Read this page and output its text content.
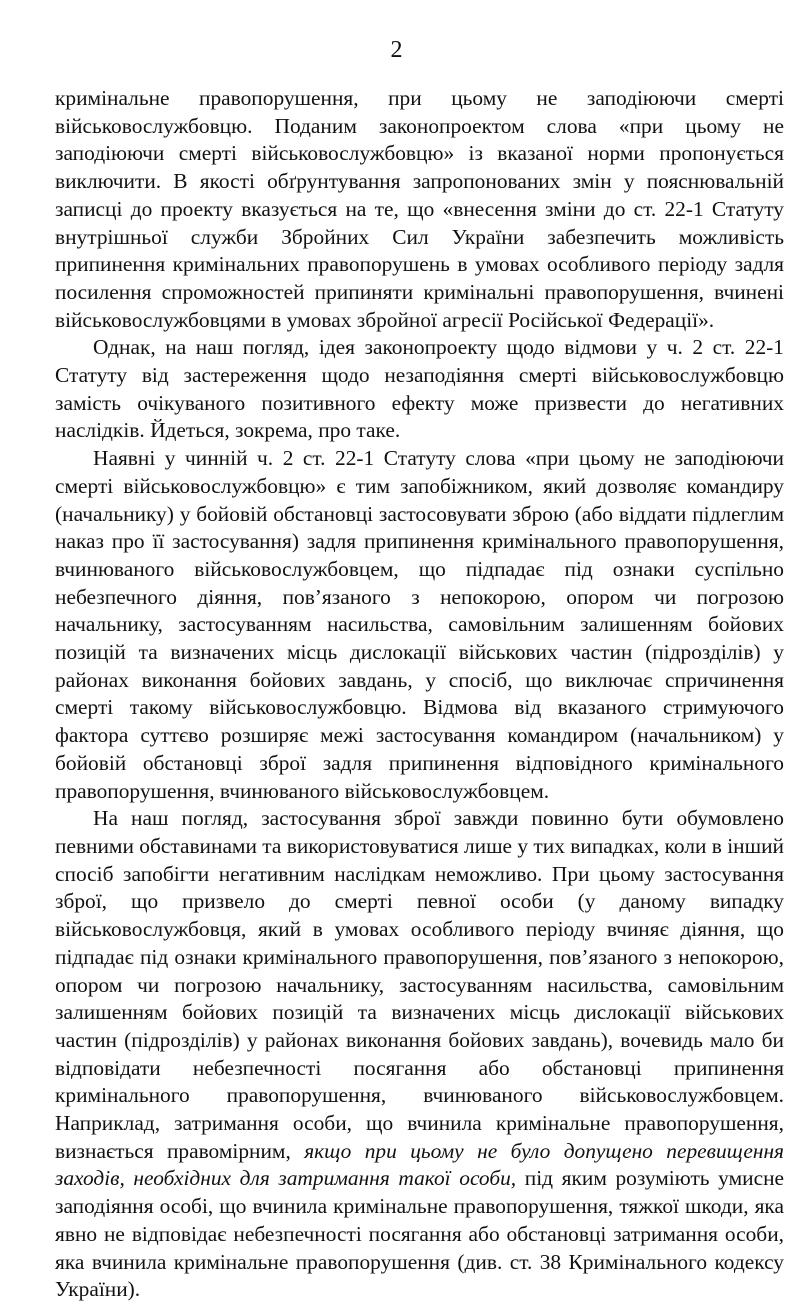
2

кримінальне правопорушення, при цьому не заподіюючи смерті військовослужбовцю. Поданим законопроектом слова «при цьому не заподіюючи смерті військовослужбовцю» із вказаної норми пропонується виключити. В якості обґрунтування запропонованих змін у пояснювальній записці до проекту вказується на те, що «внесення зміни до ст. 22-1 Статуту внутрішньої служби Збройних Сил України забезпечить можливість припинення кримінальних правопорушень в умовах особливого періоду задля посилення спроможностей припиняти кримінальні правопорушення, вчинені військовослужбовцями в умовах збройної агресії Російської Федерації».

Однак, на наш погляд, ідея законопроекту щодо відмови у ч. 2 ст. 22-1 Статуту від застереження щодо незаподіяння смерті військовослужбовцю замість очікуваного позитивного ефекту може призвести до негативних наслідків. Йдеться, зокрема, про таке.

Наявні у чинній ч. 2 ст. 22-1 Статуту слова «при цьому не заподіюючи смерті військовослужбовцю» є тим запобіжником, який дозволяє командиру (начальнику) у бойовій обстановці застосовувати зброю (або віддати підлеглим наказ про її застосування) задля припинення кримінального правопорушення, вчинюваного військовослужбовцем, що підпадає під ознаки суспільно небезпечного діяння, пов’язаного з непокорою, опором чи погрозою начальнику, застосуванням насильства, самовільним залишенням бойових позицій та визначених місць дислокації військових частин (підрозділів) у районах виконання бойових завдань, у спосіб, що виключає спричинення смерті такому військовослужбовцю. Відмова від вказаного стримуючого фактора суттєво розширяє межі застосування командиром (начальником) у бойовій обстановці зброї задля припинення відповідного кримінального правопорушення, вчинюваного військовослужбовцем.

На наш погляд, застосування зброї завжди повинно бути обумовлено певними обставинами та використовуватися лише у тих випадках, коли в інший спосіб запобігти негативним наслідкам неможливо. При цьому застосування зброї, що призвело до смерті певної особи (у даному випадку військовослужбовця, який в умовах особливого періоду вчиняє діяння, що підпадає під ознаки кримінального правопорушення, пов’язаного з непокорою, опором чи погрозою начальнику, застосуванням насильства, самовільним залишенням бойових позицій та визначених місць дислокації військових частин (підрозділів) у районах виконання бойових завдань), вочевидь мало би відповідати небезпечності посягання або обстановці припинення кримінального правопорушення, вчинюваного військовослужбовцем. Наприклад, затримання особи, що вчинила кримінальне правопорушення, визнається правомірним, якщо при цьому не було допущено перевищення заходів, необхідних для затримання такої особи, під яким розуміють умисне заподіяння особі, що вчинила кримінальне правопорушення, тяжкої шкоди, яка явно не відповідає небезпечності посягання або обстановці затримання особи, яка вчинила кримінальне правопорушення (див. ст. 38 Кримінального кодексу України).
